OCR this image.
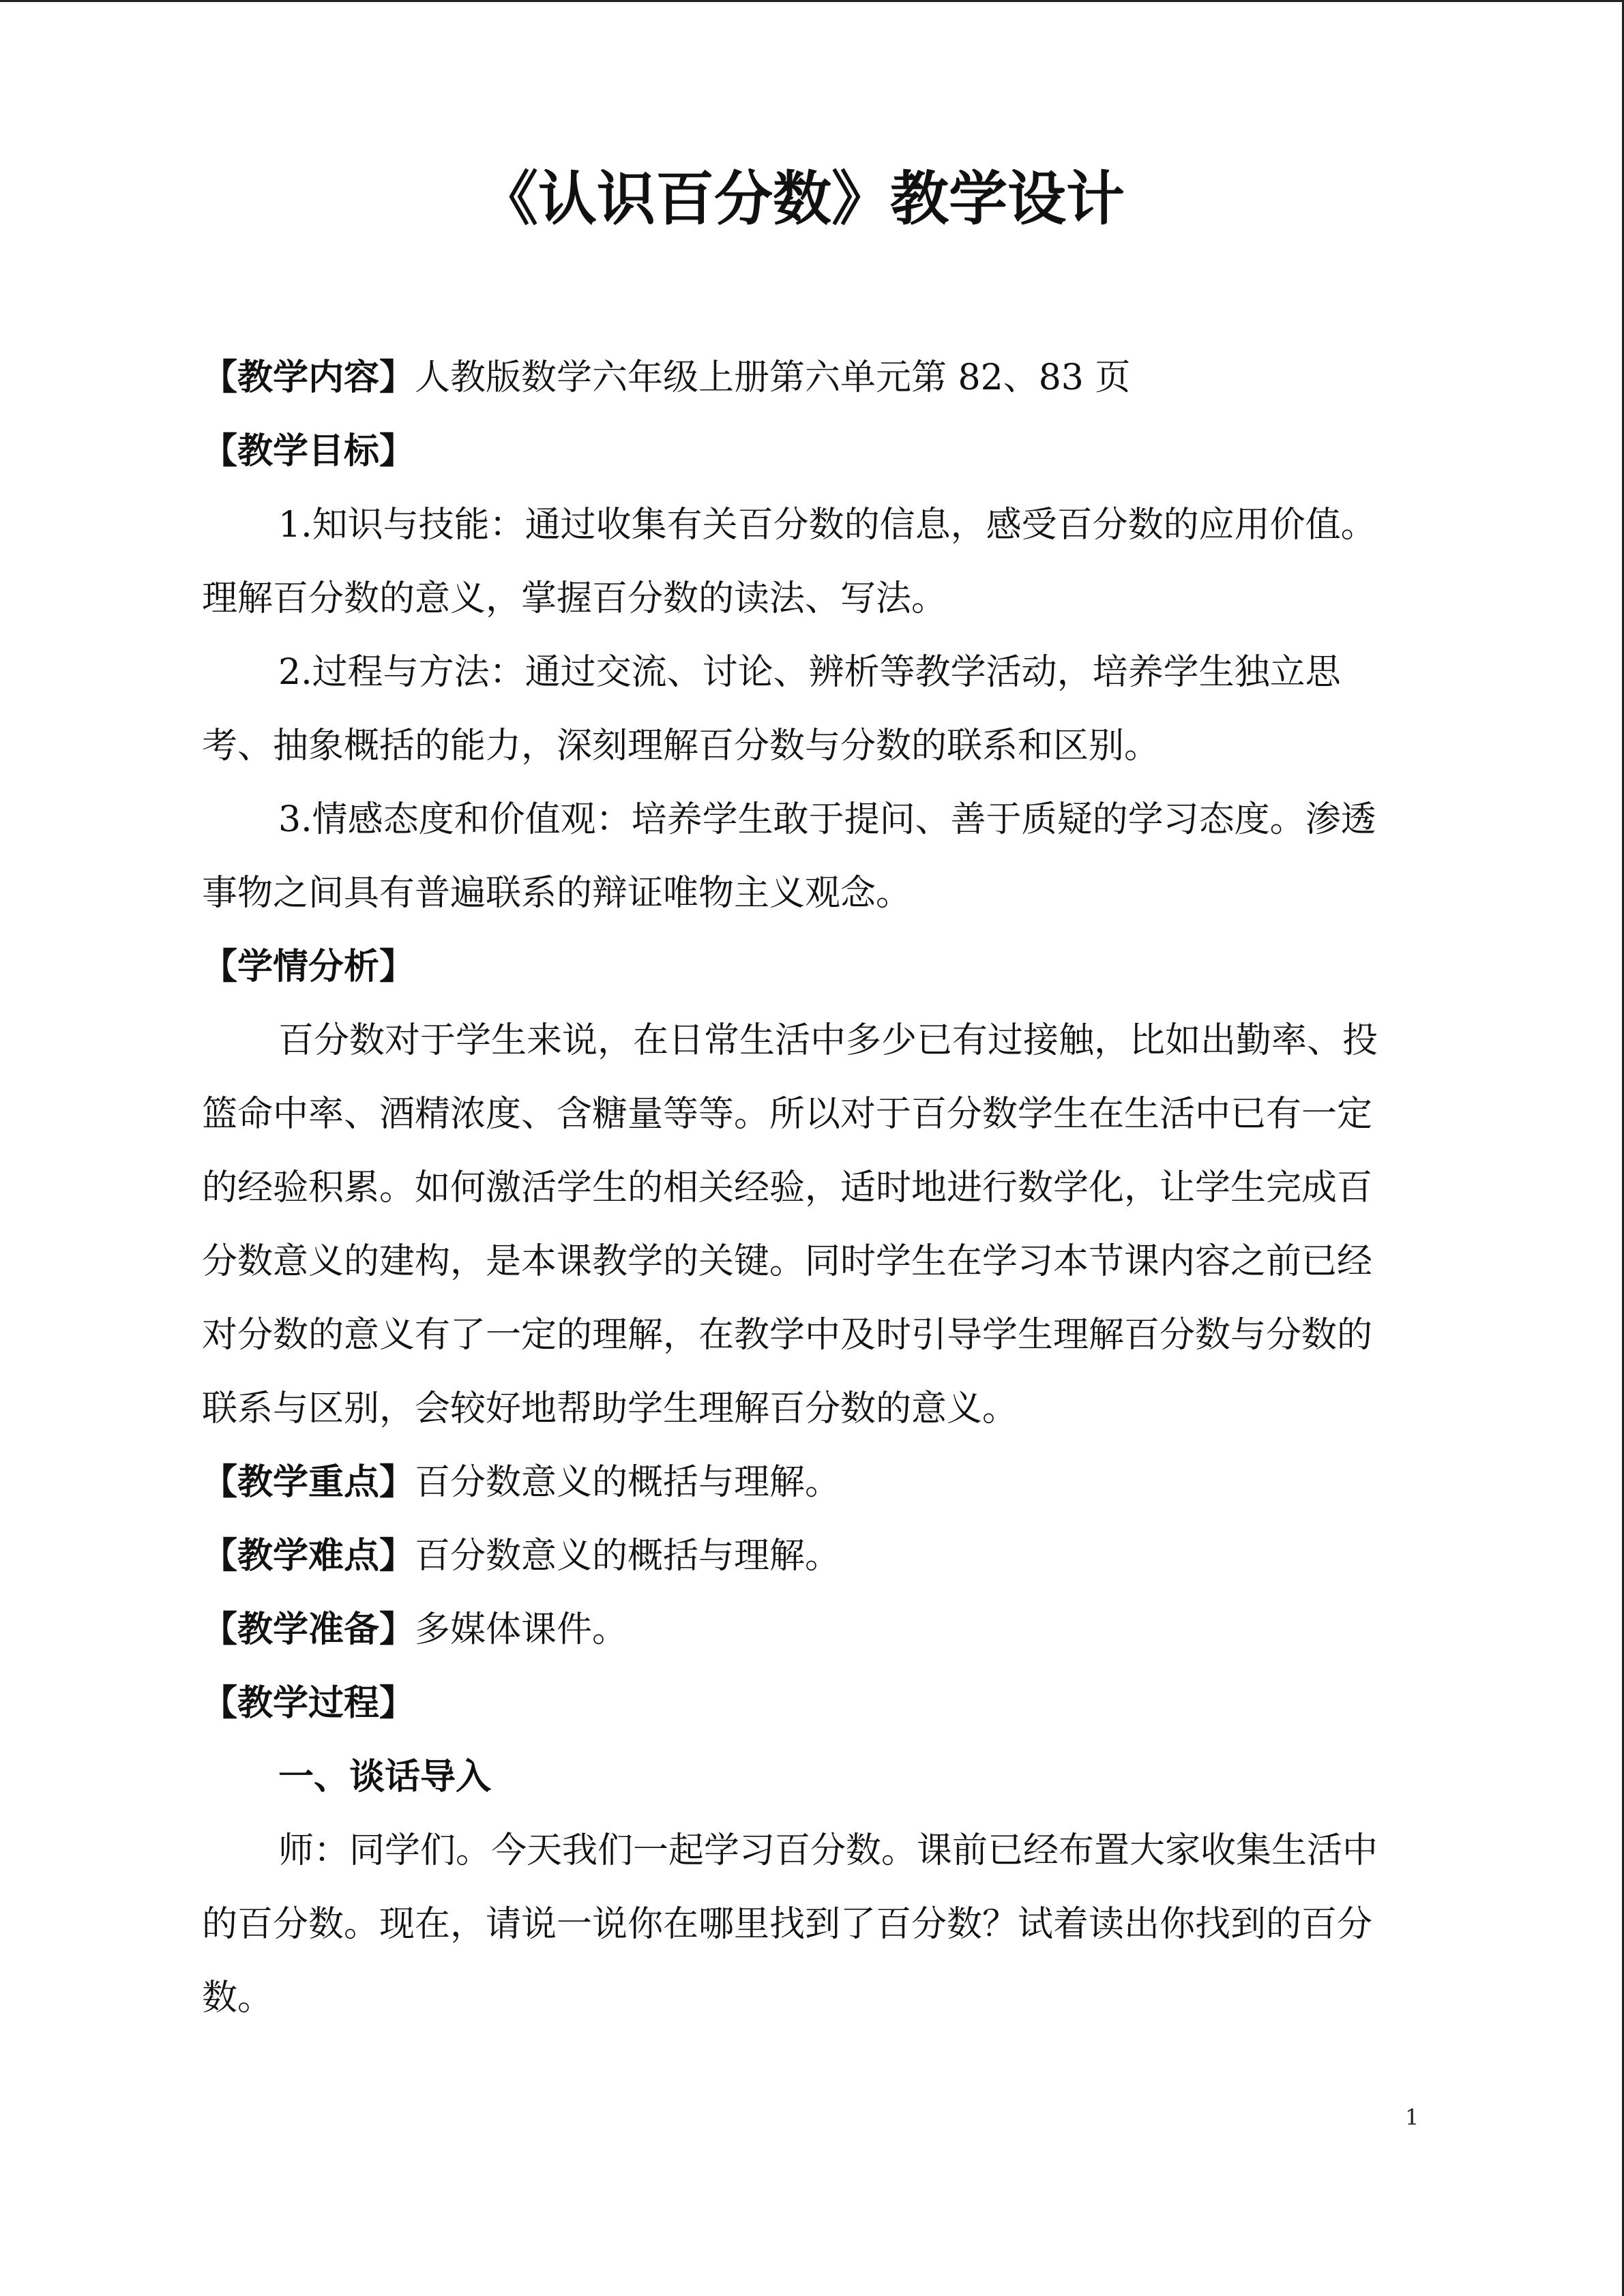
《认识百分数》教学设计

【教学内容】人教版数学六年级上册第六单元第 82、83 页

【教学目标】

1.知识与技能：通过收集有关百分数的信息，感受百分数的应用价值。理解百分数的意义，掌握百分数的读法、写法。

2.过程与方法：通过交流、讨论、辨析等教学活动，培养学生独立思考、抽象概括的能力，深刻理解百分数与分数的联系和区别。

3.情感态度和价值观：培养学生敢于提问、善于质疑的学习态度。渗透事物之间具有普遍联系的辩证唯物主义观念。

【学情分析】

百分数对于学生来说，在日常生活中多少已有过接触，比如出勤率、投篮命中率、酒精浓度、含糖量等等。所以对于百分数学生在生活中已有一定的经验积累。如何激活学生的相关经验，适时地进行数学化，让学生完成百分数意义的建构，是本课教学的关键。同时学生在学习本节课内容之前已经对分数的意义有了一定的理解，在教学中及时引导学生理解百分数与分数的联系与区别，会较好地帮助学生理解百分数的意义。

【教学重点】百分数意义的概括与理解。

【教学难点】百分数意义的概括与理解。

【教学准备】多媒体课件。

【教学过程】

一、谈话导入

师：同学们。今天我们一起学习百分数。课前已经布置大家收集生活中的百分数。现在，请说一说你在哪里找到了百分数？试着读出你找到的百分数。

1
